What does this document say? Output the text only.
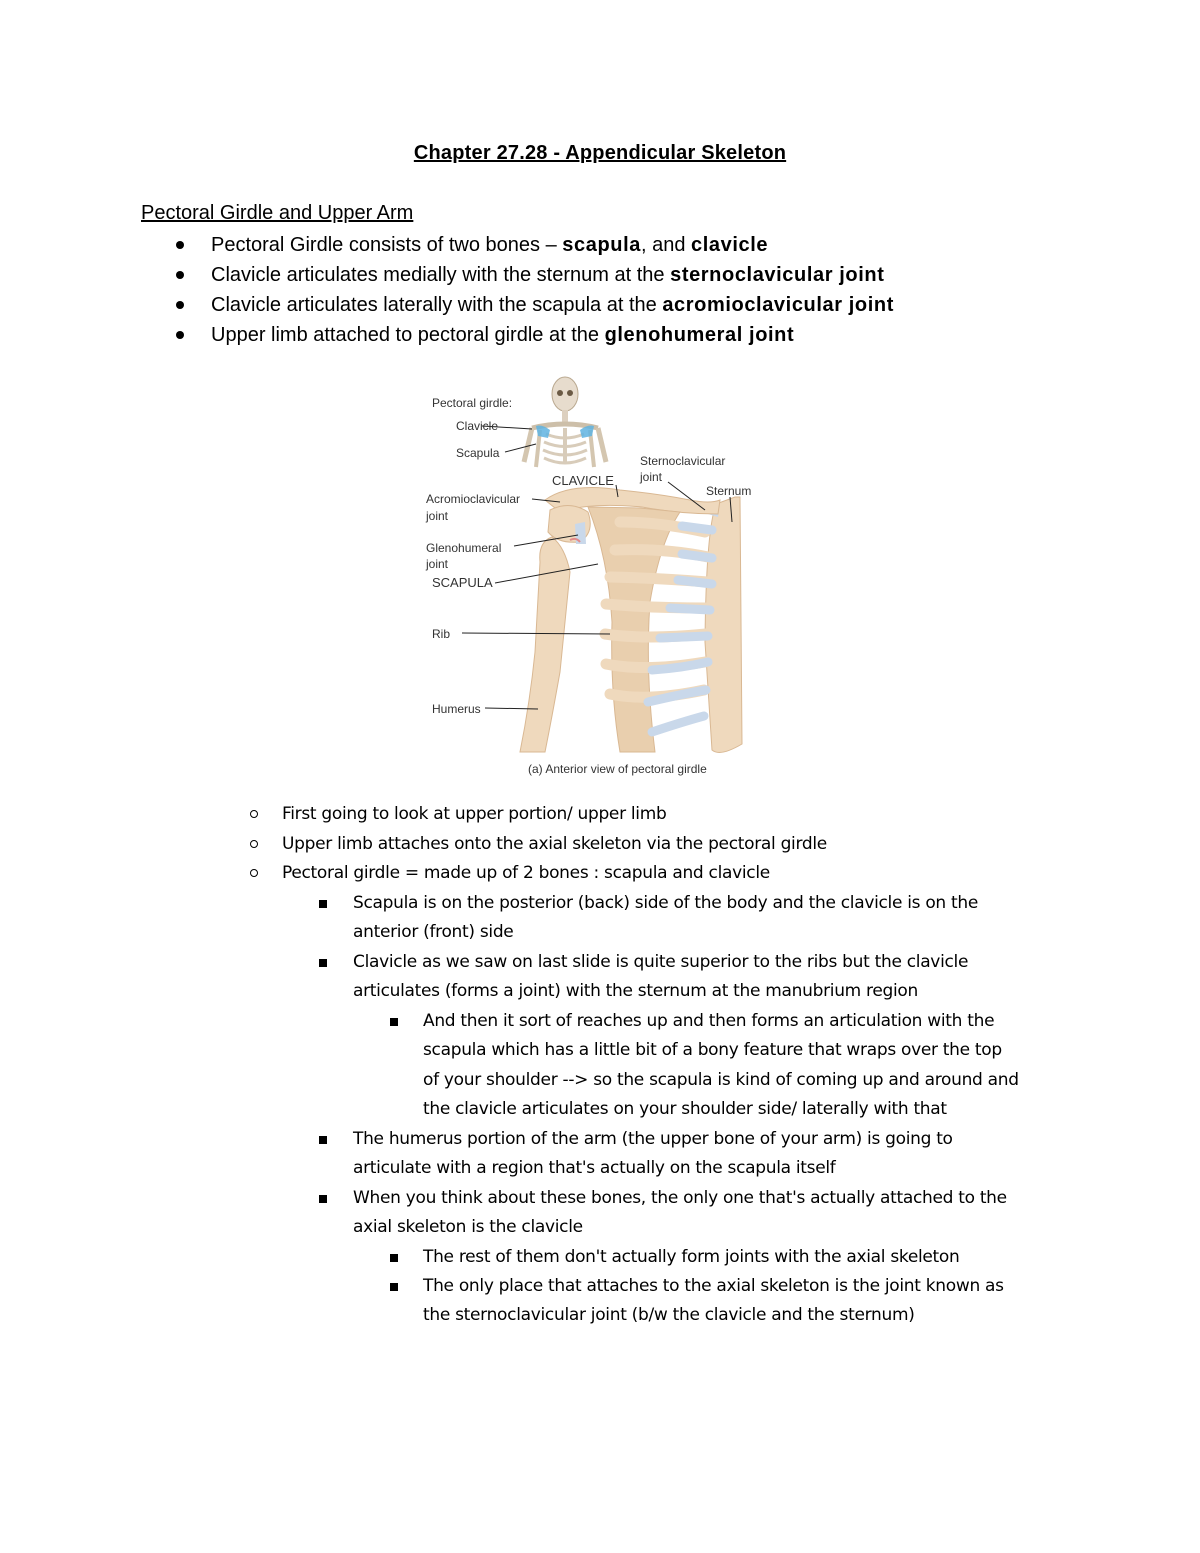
Chapter 27.28 - Appendicular Skeleton
Pectoral Girdle and Upper Arm
Pectoral Girdle consists of two bones – scapula, and clavicle
Clavicle articulates medially with the sternum at the sternoclavicular joint
Clavicle articulates laterally with the scapula at the acromioclavicular joint
Upper limb attached to pectoral girdle at the glenohumeral joint
Pectoral girdle:
Clavicle
Scapula
CLAVICLE
Sternoclavicular
joint
Sternum
Acromioclavicular
joint
Glenohumeral
joint
SCAPULA
Rib
Humerus
(a) Anterior view of pectoral girdle
First going to look at upper portion/ upper limb
Upper limb attaches onto the axial skeleton via the pectoral girdle
Pectoral girdle = made up of 2 bones : scapula and clavicle
Scapula is on the posterior (back) side of the body and the clavicle is on the
anterior (front) side
Clavicle as we saw on last slide is quite superior to the ribs but the clavicle
articulates (forms a joint) with the sternum at the manubrium region
And then it sort of reaches up and then forms an articulation with the
scapula which has a little bit of a bony feature that wraps over the top
of your shoulder --> so the scapula is kind of coming up and around and
the clavicle articulates on your shoulder side/ laterally with that
The humerus portion of the arm (the upper bone of your arm) is going to
articulate with a region that's actually on the scapula itself
When you think about these bones, the only one that's actually attached to the
axial skeleton is the clavicle
The rest of them don't actually form joints with the axial skeleton
The only place that attaches to the axial skeleton is the joint known as
the sternoclavicular joint (b/w the clavicle and the sternum)
